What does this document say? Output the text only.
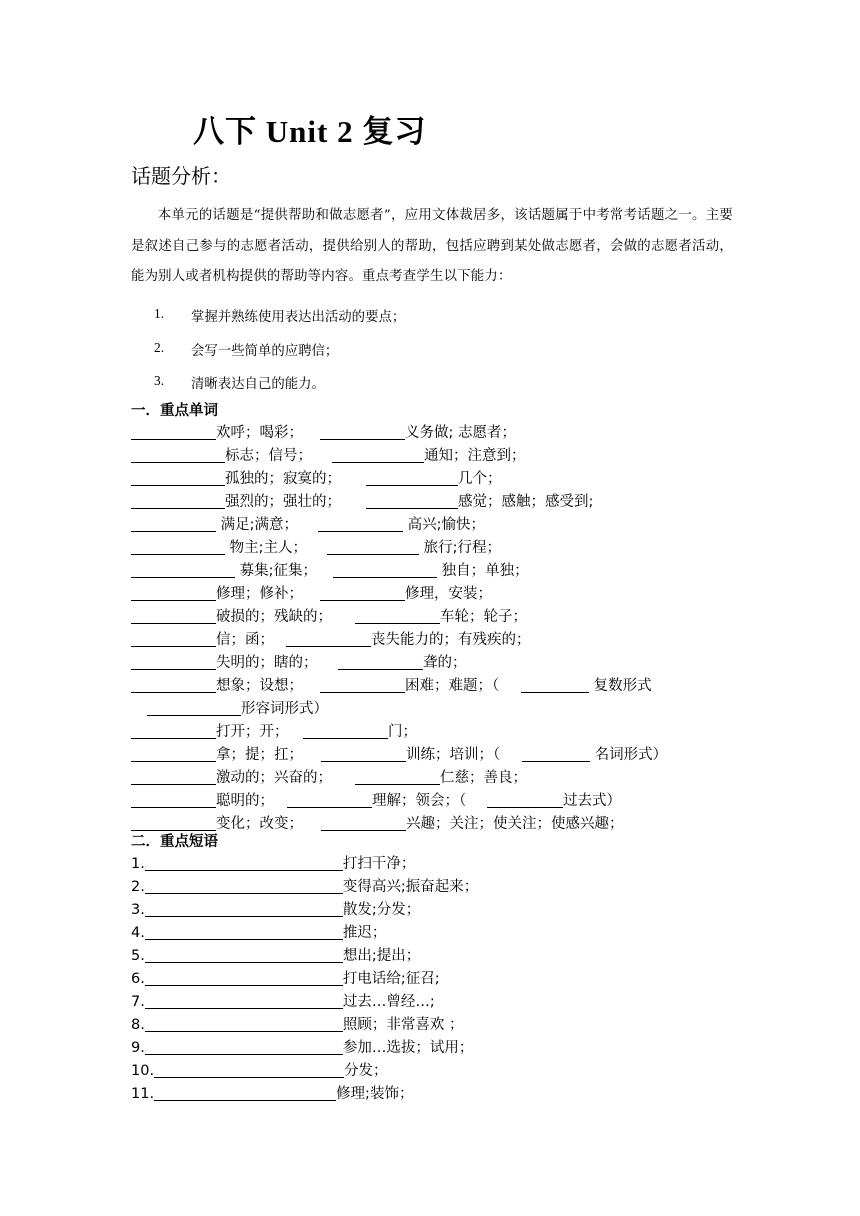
八下 Unit 2 复习
话题分析：
本单元的话题是“提供帮助和做志愿者”，应用文体裁居多，该话题属于中考常考话题之一。主要是叙述自己参与的志愿者活动，提供给别人的帮助，包括应聘到某处做志愿者，会做的志愿者活动，能为别人或者机构提供的帮助等内容。重点考查学生以下能力：
1. 掌握并熟练使用表达出活动的要点；
2. 会写一些简单的应聘信；
3. 清晰表达自己的能力。
一．重点单词
欢呼；喝彩；	义务做; 志愿者；
标志；信号；	通知；注意到；
孤独的；寂寞的；	几个；
强烈的；强壮的；	感觉；感触；感受到;
满足;满意；	高兴;愉快；
物主;主人；	旅行;行程；
募集;征集；	独自；单独；
修理；修补；	修理，安装；
破损的；残缺的；	车轮；轮子；
信；函；	丧失能力的；有残疾的；
失明的；瞎的；	聋的；
想象；设想；	困难；难题；（	复数形式
形容词形式）
打开；开；	门；
拿；提；扛；	训练；培训；（	名词形式）
激动的；兴奋的；	仁慈；善良；
聪明的；	理解；领会；（	过去式）
变化；改变；	兴趣；关注；使关注；使感兴趣；
二．重点短语
1.	打扫干净；
2.	变得高兴;振奋起来；
3.	散发;分发；
4.	推迟；
5.	想出;提出；
6.	打电话给;征召;
7.	过去…曾经…;
8.	照顾；非常喜欢 ；
9.	参加…选拔；试用；
10.	分发；
11.	修理;装饰；
